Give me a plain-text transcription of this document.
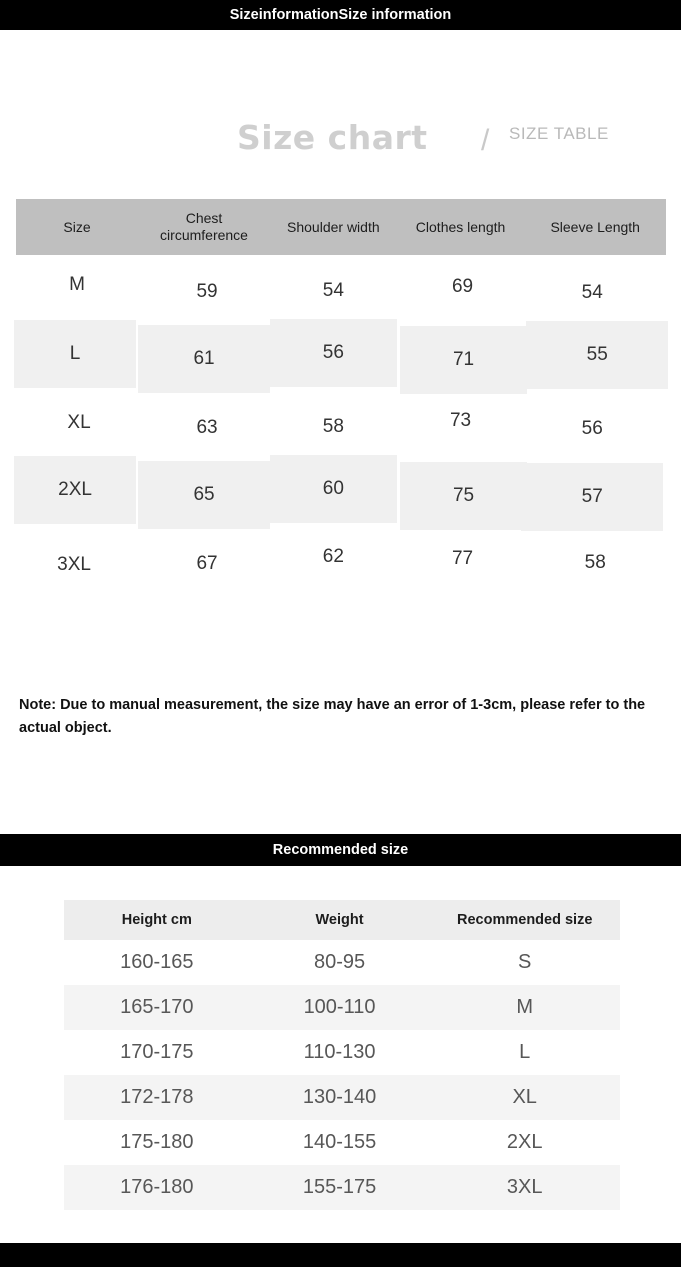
SizeinformationSize information
Size chart / SIZE TABLE
Size	Chest circumference	Shoulder width	Clothes length	Sleeve Length
M	59	54	69	54
L	61	56	71	55
XL	63	58	73	56
2XL	65	60	75	57
3XL	67	62	77	58
Note: Due to manual measurement, the size may have an error of 1-3cm, please refer to the actual object.
Recommended size
Height cm	Weight	Recommended size
160-165	80-95	S
165-170	100-110	M
170-175	110-130	L
172-178	130-140	XL
175-180	140-155	2XL
176-180	155-175	3XL
